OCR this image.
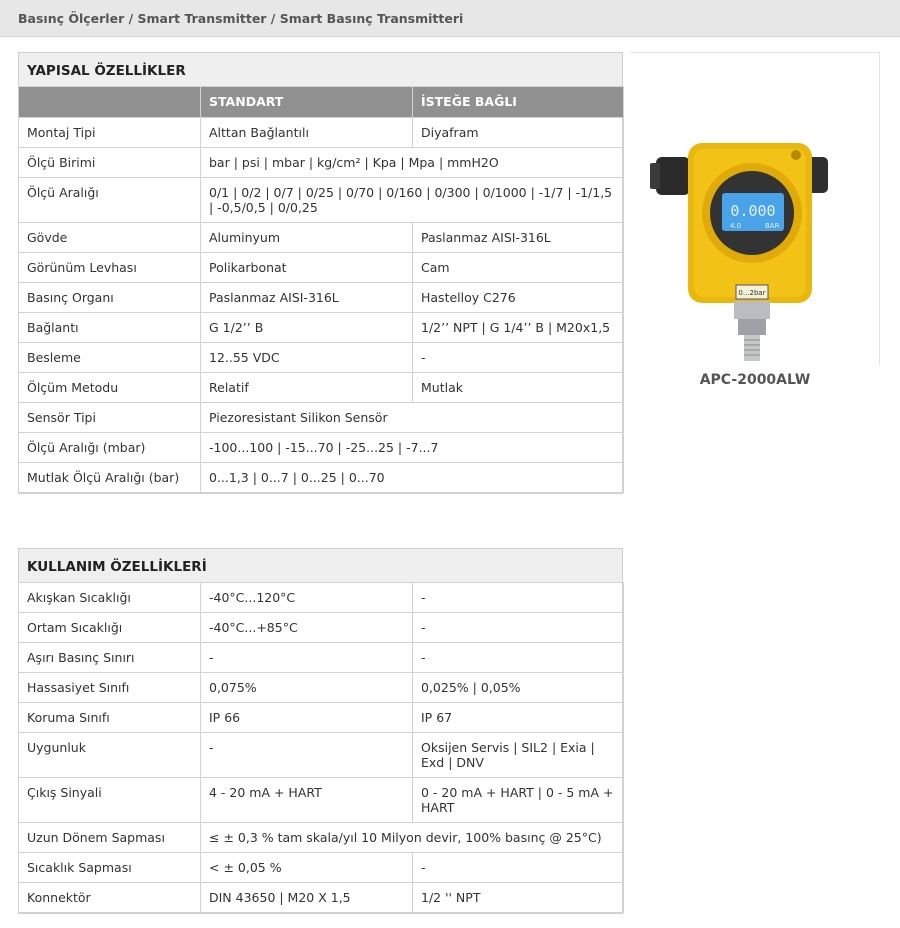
Basınç Ölçerler / Smart Transmitter / Smart Basınç Transmitteri
YAPISAL ÖZELLİKLER
	STANDART	İSTEĞE BAĞLI
Montaj Tipi	Alttan Bağlantılı	Diyafram
Ölçü Birimi	bar | psi | mbar | kg/cm² | Kpa | Mpa | mmH2O	
Ölçü Aralığı	0/1 | 0/2 | 0/7 | 0/25 | 0/70 | 0/160 | 0/300 | 0/1000 | -1/7 | -1/1,5 | -0,5/0,5 | 0/0,25	
Gövde	Aluminyum	Paslanmaz AISI-316L
Görünüm Levhası	Polikarbonat	Cam
Basınç Organı	Paslanmaz AISI-316L	Hastelloy C276
Bağlantı	G 1/2’’ B	1/2’’ NPT | G 1/4’’ B | M20x1,5
Besleme	12..55 VDC	-
Ölçüm Metodu	Relatif	Mutlak
Sensör Tipi	Piezoresistant Silikon Sensör	
Ölçü Aralığı (mbar)	-100...100 | -15...70 | -25...25 | -7...7	
Mutlak Ölçü Aralığı (bar)	0...1,3 | 0...7 | 0...25 | 0...70	
KULLANIM ÖZELLİKLERİ
Akışkan Sıcaklığı	-40°C...120°C	-
Ortam Sıcaklığı	-40°C...+85°C	-
Aşırı Basınç Sınırı	-	-
Hassasiyet Sınıfı	0,075%	0,025% | 0,05%
Koruma Sınıfı	IP 66	IP 67
Uygunluk	-	Oksijen Servis | SIL2 | Exia | Exd | DNV
Çıkış Sinyali	4 - 20 mA + HART	0 - 20 mA + HART | 0 - 5 mA + HART
Uzun Dönem Sapması	≤ ± 0,3 % tam skala/yıl 10 Milyon devir, 100% basınç @ 25°C)	
Sıcaklık Sapması	< ± 0,05 %	-
Konnektör	DIN 43650 | M20 X 1,5	1/2 '' NPT
0.000
4.0	BAR
0...2bar
APC-2000ALW
